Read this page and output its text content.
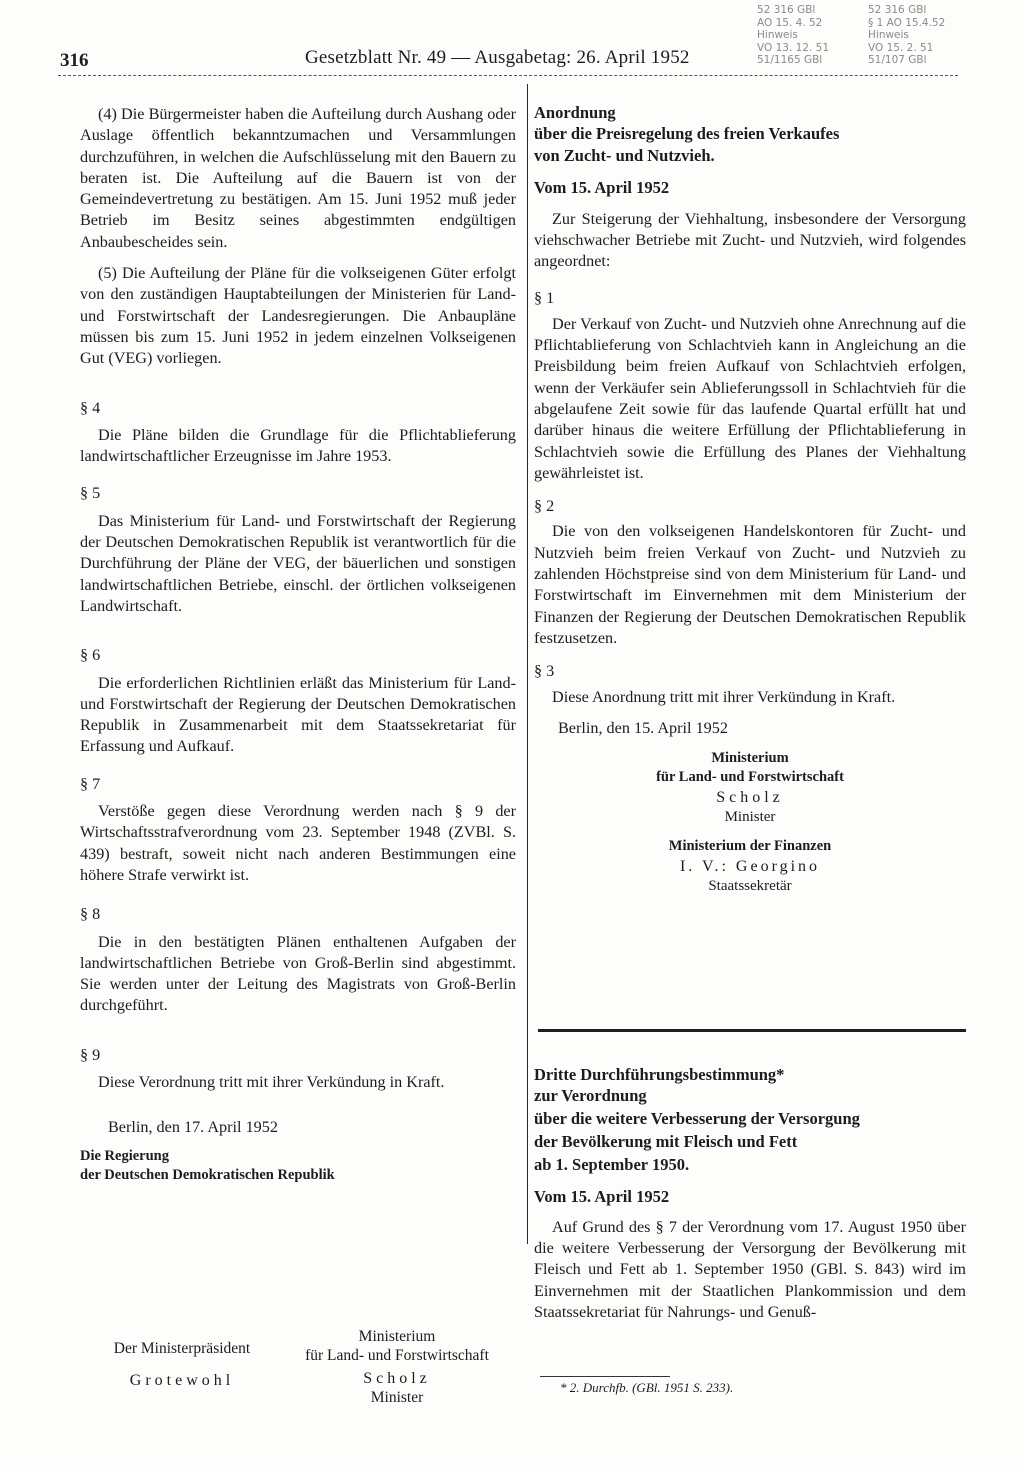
316	Gesetzblatt Nr. 49 — Ausgabetag: 26. April 1952
52 316 GBl
AO 15. 4. 52
Hinweis
VO 13. 12. 51
51/1165 GBl
52 316 GBl
§ 1 AO 15.4.52
Hinweis
VO 15. 2. 51
51/107 GBl

(4) Die Bürgermeister haben die Aufteilung durch Aushang oder Auslage öffentlich bekanntzumachen und Versammlungen durchzuführen, in welchen die Aufschlüsselung mit den Bauern zu beraten ist. Die Aufteilung auf die Bauern ist von der Gemeindevertretung zu bestätigen. Am 15. Juni 1952 muß jeder Betrieb im Besitz seines abgestimmten endgültigen Anbaubescheides sein.

(5) Die Aufteilung der Pläne für die volkseigenen Güter erfolgt von den zuständigen Hauptabteilungen der Ministerien für Land- und Forstwirtschaft der Landesregierungen. Die Anbaupläne müssen bis zum 15. Juni 1952 in jedem einzelnen Volkseigenen Gut (VEG) vorliegen.

§ 4

Die Pläne bilden die Grundlage für die Pflichtablieferung landwirtschaftlicher Erzeugnisse im Jahre 1953.

§ 5

Das Ministerium für Land- und Forstwirtschaft der Regierung der Deutschen Demokratischen Republik ist verantwortlich für die Durchführung der Pläne der VEG, der bäuerlichen und sonstigen landwirtschaftlichen Betriebe, einschl. der örtlichen volkseigenen Landwirtschaft.

§ 6

Die erforderlichen Richtlinien erläßt das Ministerium für Land- und Forstwirtschaft der Regierung der Deutschen Demokratischen Republik in Zusammenarbeit mit dem Staatssekretariat für Erfassung und Aufkauf.

§ 7

Verstöße gegen diese Verordnung werden nach § 9 der Wirtschaftsstrafverordnung vom 23. September 1948 (ZVBl. S. 439) bestraft, soweit nicht nach anderen Bestimmungen eine höhere Strafe verwirkt ist.

§ 8

Die in den bestätigten Plänen enthaltenen Aufgaben der landwirtschaftlichen Betriebe von Groß-Berlin sind abgestimmt. Sie werden unter der Leitung des Magistrats von Groß-Berlin durchgeführt.

§ 9

Diese Verordnung tritt mit ihrer Verkündung in Kraft.

Berlin, den 17. April 1952

Die Regierung

der Deutschen Demokratischen Republik

Der Ministerpräsident
Grotewohl
Ministerium
für Land- und Forstwirtschaft
Scholz
Minister

Anordnung

über die Preisregelung des freien Verkaufes

von Zucht- und Nutzvieh.

Vom 15. April 1952

Zur Steigerung der Viehhaltung, insbesondere der Versorgung viehschwacher Betriebe mit Zucht- und Nutzvieh, wird folgendes angeordnet:

§ 1

Der Verkauf von Zucht- und Nutzvieh ohne Anrechnung auf die Pflichtablieferung von Schlachtvieh kann in Angleichung an die Preisbildung beim freien Aufkauf von Schlachtvieh erfolgen, wenn der Verkäufer sein Ablieferungssoll in Schlachtvieh für die abgelaufene Zeit sowie für das laufende Quartal erfüllt hat und darüber hinaus die weitere Erfüllung der Pflichtablieferung in Schlachtvieh sowie die Erfüllung des Planes der Viehhaltung gewährleistet ist.

§ 2

Die von den volkseigenen Handelskontoren für Zucht- und Nutzvieh beim freien Verkauf von Zucht- und Nutzvieh zu zahlenden Höchstpreise sind von dem Ministerium für Land- und Forstwirtschaft im Einvernehmen mit dem Ministerium der Finanzen der Regierung der Deutschen Demokratischen Republik festzusetzen.

§ 3

Diese Anordnung tritt mit ihrer Verkündung in Kraft.

Berlin, den 15. April 1952

Ministerium
für Land- und Forstwirtschaft
Scholz
Minister
Ministerium der Finanzen
I. V.: Georgino
Staatssekretär

Dritte Durchführungsbestimmung*

zur Verordnung

über die weitere Verbesserung der Versorgung

der Bevölkerung mit Fleisch und Fett

ab 1. September 1950.

Vom 15. April 1952

Auf Grund des § 7 der Verordnung vom 17. August 1950 über die weitere Verbesserung der Versorgung der Bevölkerung mit Fleisch und Fett ab 1. September 1950 (GBl. S. 843) wird im Einvernehmen mit der Staatlichen Plankommission und dem Staatssekretariat für Nahrungs- und Genuß-

* 2. Durchfb. (GBl. 1951 S. 233).
